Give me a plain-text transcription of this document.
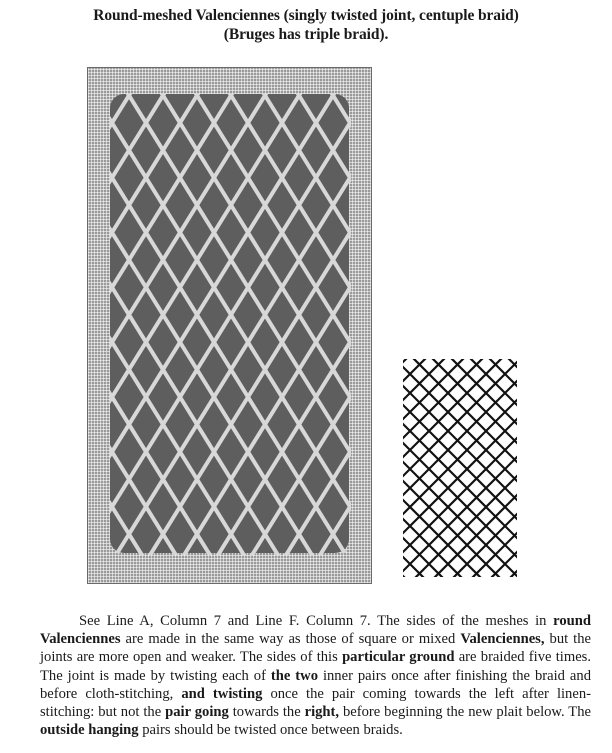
Round-meshed Valenciennes (singly twisted joint, centuple braid)
(Bruges has triple braid).

See Line A, Column 7 and Line F. Column 7. The sides of the meshes in round Valenciennes are made in the same way as those of square or mixed Valenciennes, but the joints are more open and weaker. The sides of this particular ground are braided five times. The joint is made by twisting each of the two inner pairs once after finishing the braid and before cloth-stitching, and twisting once the pair coming towards the left after linen-stitching: but not the pair going towards the right, before beginning the new plait below. The outside hanging pairs should be twisted once between braids.
